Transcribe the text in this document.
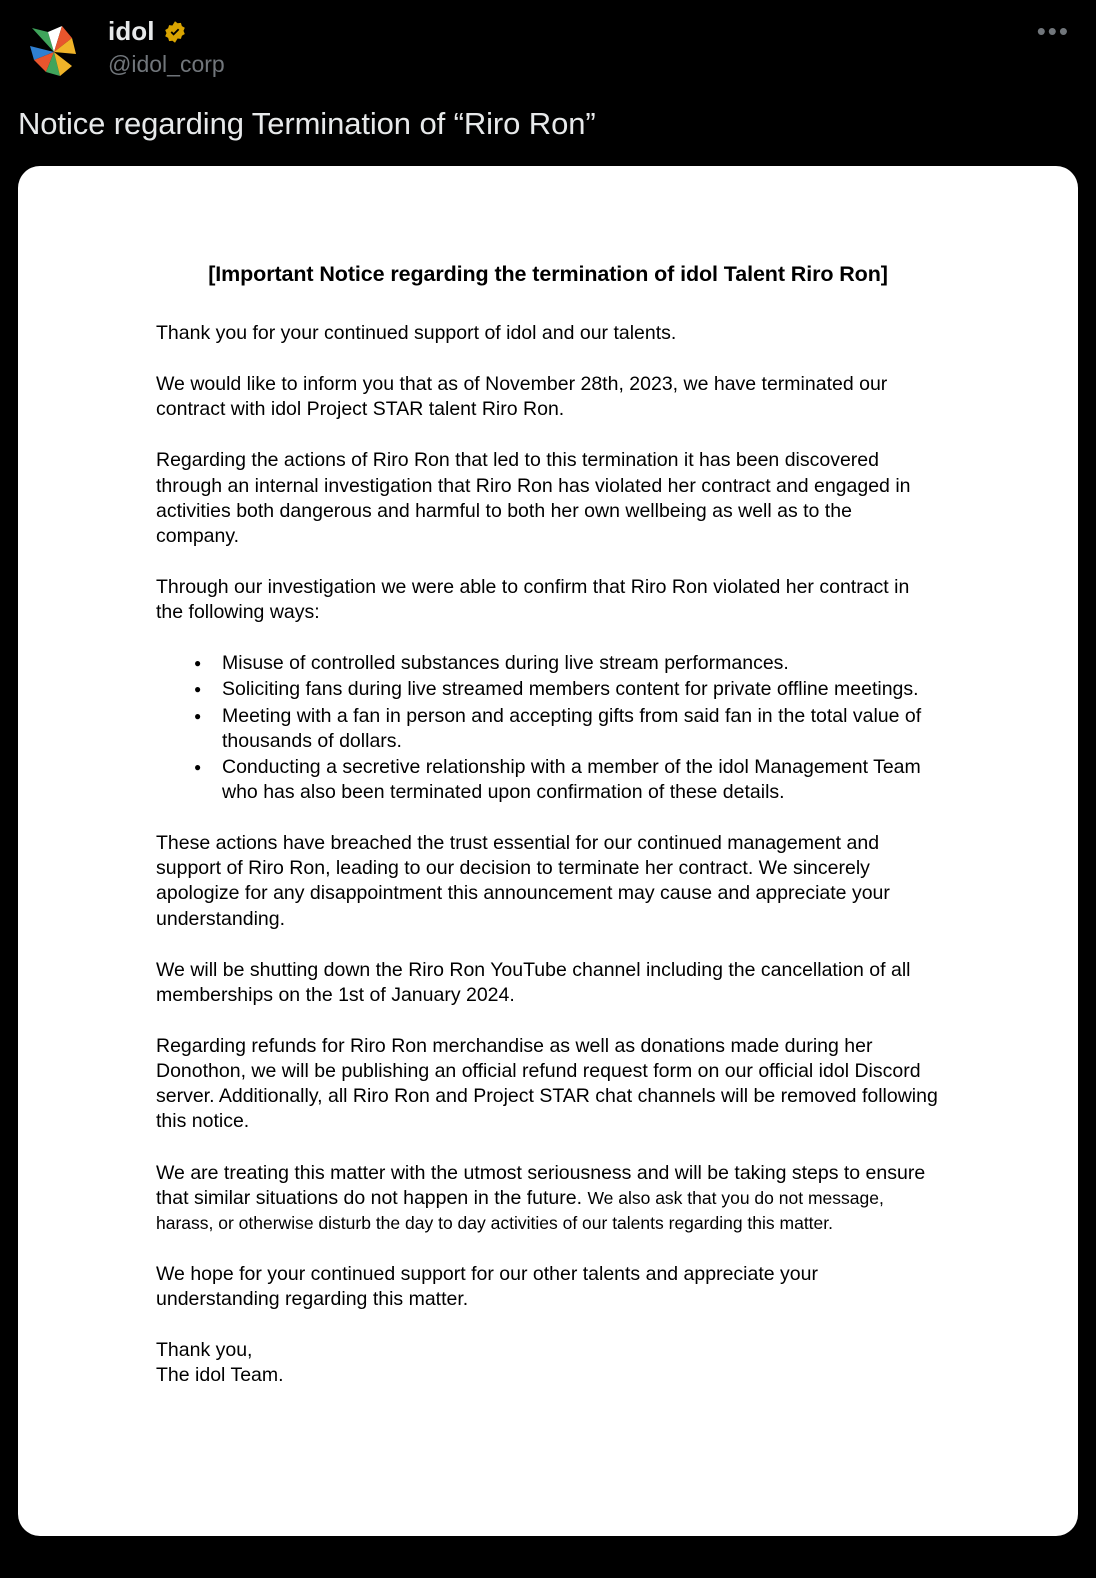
idol
@idol_corp
•••
Notice regarding Termination of “Riro Ron”
[Important Notice regarding the termination of idol Talent Riro Ron]

Thank you for your continued support of idol and our talents.

We would like to inform you that as of November 28th, 2023, we have terminated our contract with idol Project STAR talent Riro Ron.

Regarding the actions of Riro Ron that led to this termination it has been discovered through an internal investigation that Riro Ron has violated her contract and engaged in activities both dangerous and harmful to both her own wellbeing as well as to the company.

Through our investigation we were able to confirm that Riro Ron violated her contract in the following ways:

● Misuse of controlled substances during live stream performances.
● Soliciting fans during live streamed members content for private offline meetings.
● Meeting with a fan in person and accepting gifts from said fan in the total value of thousands of dollars.
● Conducting a secretive relationship with a member of the idol Management Team who has also been terminated upon confirmation of these details.

These actions have breached the trust essential for our continued management and support of Riro Ron, leading to our decision to terminate her contract. We sincerely apologize for any disappointment this announcement may cause and appreciate your understanding.

We will be shutting down the Riro Ron YouTube channel including the cancellation of all memberships on the 1st of January 2024.

Regarding refunds for Riro Ron merchandise as well as donations made during her Donothon, we will be publishing an official refund request form on our official idol Discord server. Additionally, all Riro Ron and Project STAR chat channels will be removed following this notice.

We are treating this matter with the utmost seriousness and will be taking steps to ensure that similar situations do not happen in the future. We also ask that you do not message, harass, or otherwise disturb the day to day activities of our talents regarding this matter.

We hope for your continued support for our other talents and appreciate your understanding regarding this matter.

Thank you,
The idol Team.
